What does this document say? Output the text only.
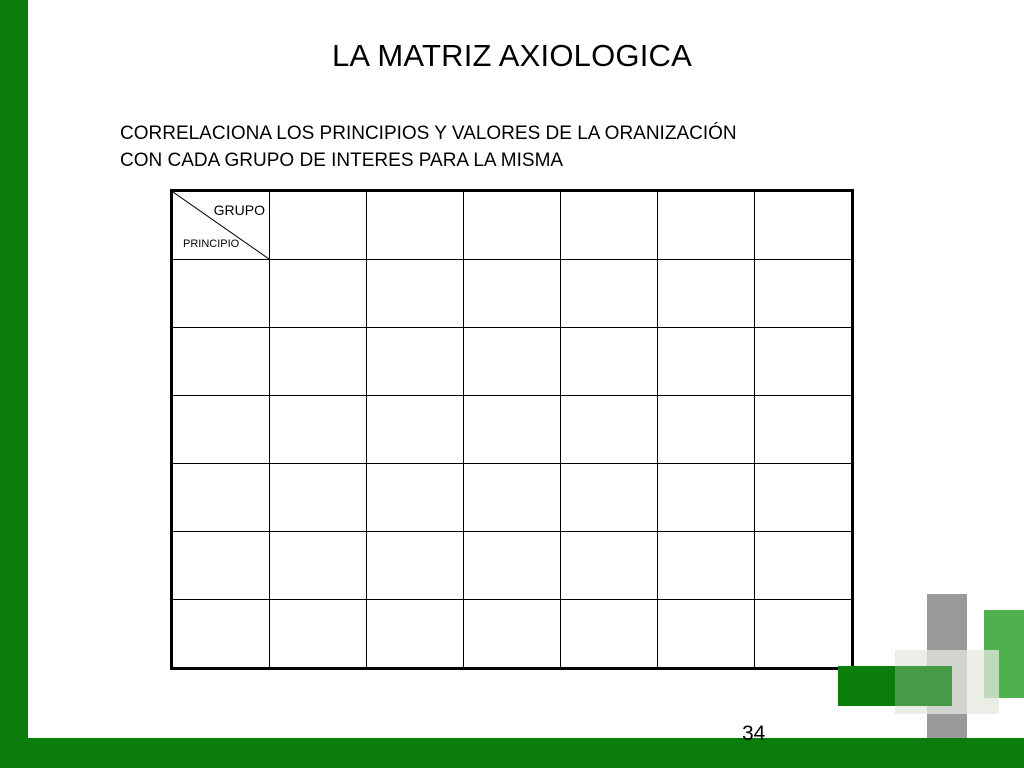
LA MATRIZ AXIOLOGICA
CORRELACIONA LOS PRINCIPIOS Y VALORES DE LA ORANIZACIÓN
CON CADA GRUPO DE INTERES PARA LA MISMA
GRUPO
PRINCIPIO						

34
